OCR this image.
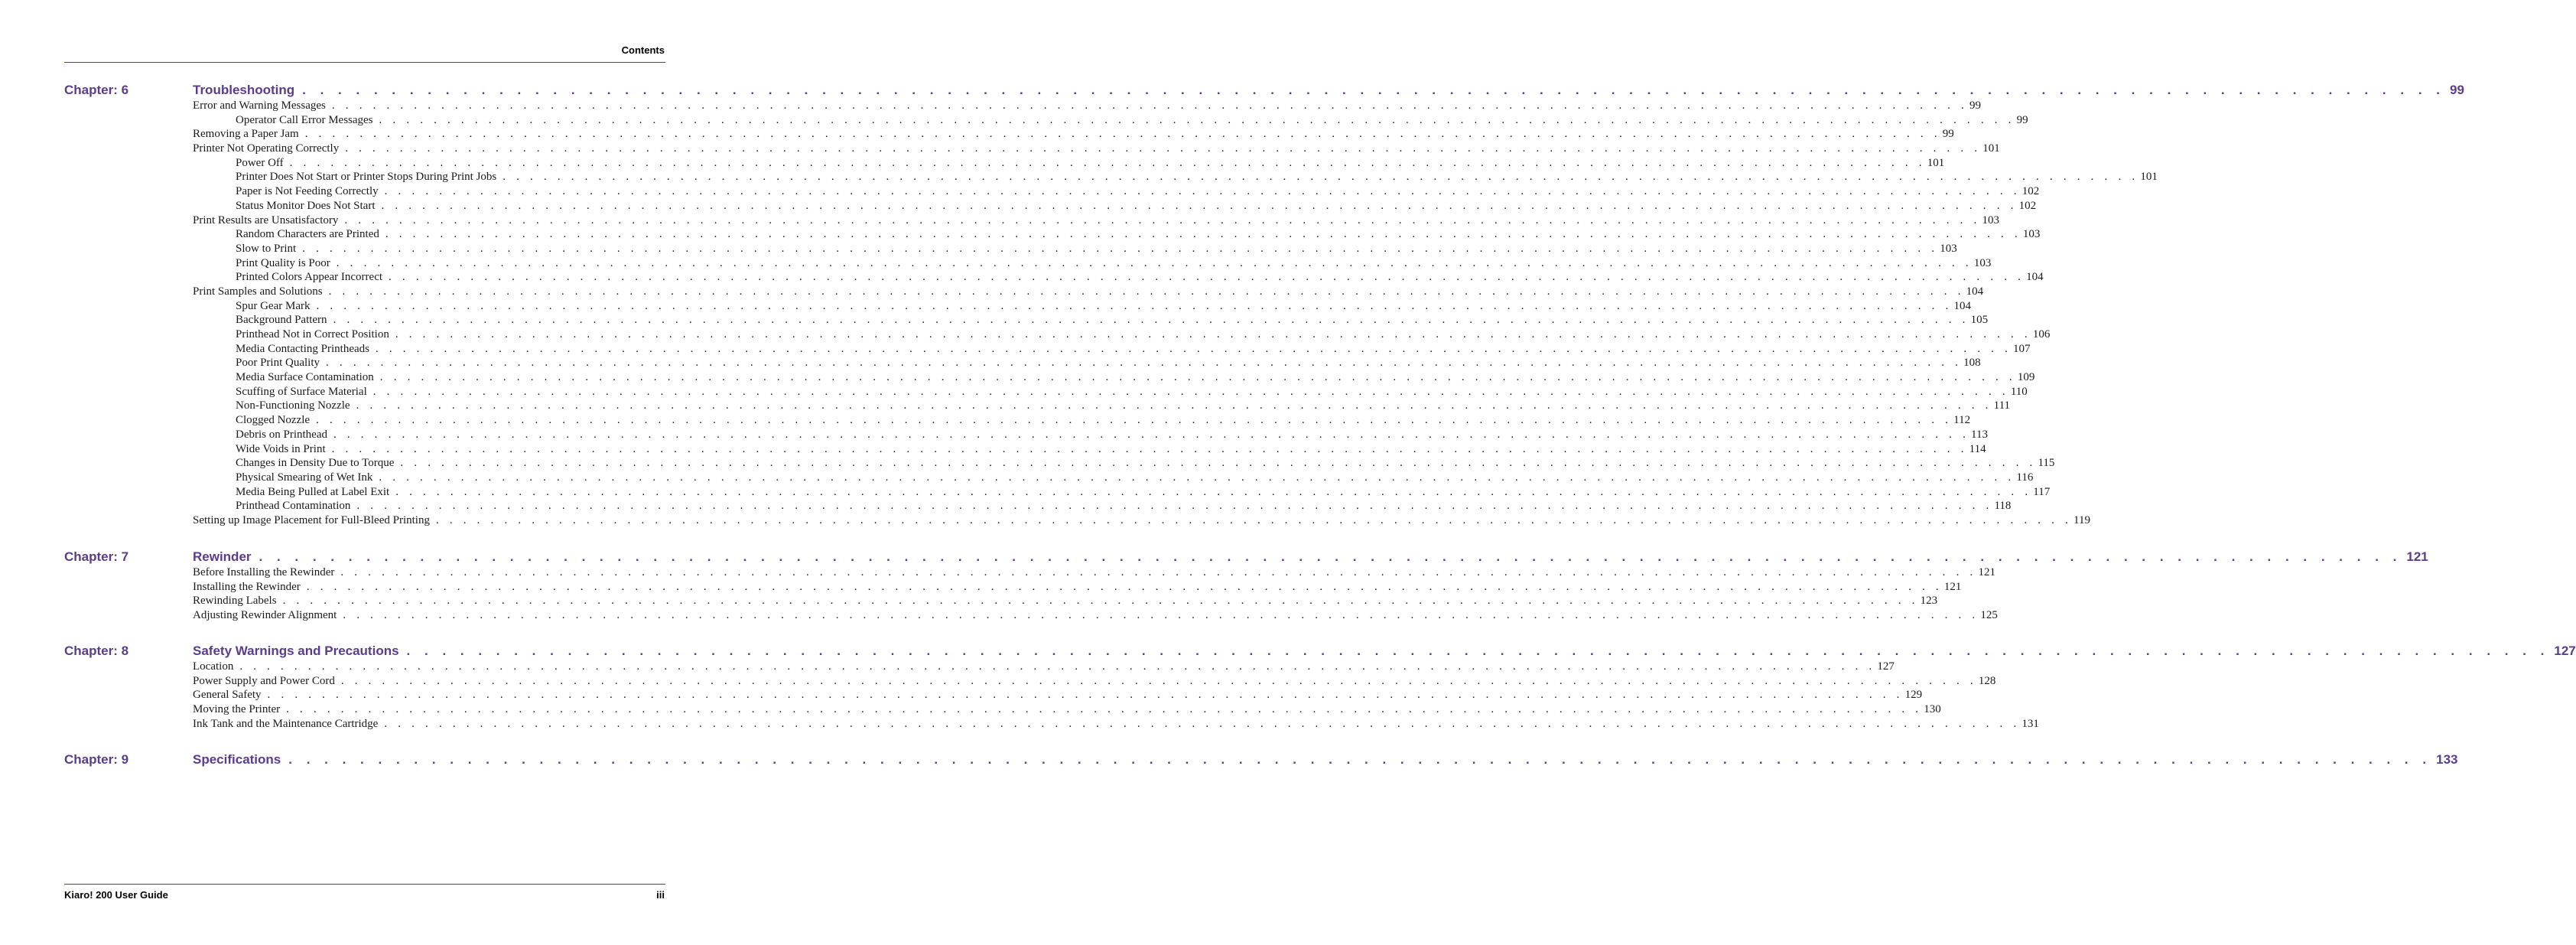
Contents
Chapter: 6	Troubleshooting . . . . . . . . . . . . . . . . . . . . . . . . . . . . . . . . . . . . . . . . . . . . . . . . . . . . . . . . . . . . . . . . . . . . . . . . . . . . . . . . . . . . . . . . . . . . . . . . . . . . . . . . . . . . . . . . . . . . . . . . 99
Error and Warning Messages . . . . . . . . . . . . . . . . . . . . . . . . . . . . . . . . . . . . . . . . . . . . . . . . . . . . . . . . . . . . . . . . . . . . . . . . . . . . . . . . . . . . . . . . . . . . . . . . . . . . . . . . . . . . . . . . . . . . . . . . 99
Operator Call Error Messages . . . . . . . . . . . . . . . . . . . . . . . . . . . . . . . . . . . . . . . . . . . . . . . . . . . . . . . . . . . . . . . . . . . . . . . . . . . . . . . . . . . . . . . . . . . . . . . . . . . . . . . . . . . . . . . . . . . . . . . . 99
Removing a Paper Jam . . . . . . . . . . . . . . . . . . . . . . . . . . . . . . . . . . . . . . . . . . . . . . . . . . . . . . . . . . . . . . . . . . . . . . . . . . . . . . . . . . . . . . . . . . . . . . . . . . . . . . . . . . . . . . . . . . . . . . . . 99
Printer Not Operating Correctly . . . . . . . . . . . . . . . . . . . . . . . . . . . . . . . . . . . . . . . . . . . . . . . . . . . . . . . . . . . . . . . . . . . . . . . . . . . . . . . . . . . . . . . . . . . . . . . . . . . . . . . . . . . . . . . . . . . . . . . . 101
Power Off . . . . . . . . . . . . . . . . . . . . . . . . . . . . . . . . . . . . . . . . . . . . . . . . . . . . . . . . . . . . . . . . . . . . . . . . . . . . . . . . . . . . . . . . . . . . . . . . . . . . . . . . . . . . . . . . . . . . . . . . 101
Printer Does Not Start or Printer Stops During Print Jobs . . . . . . . . . . . . . . . . . . . . . . . . . . . . . . . . . . . . . . . . . . . . . . . . . . . . . . . . . . . . . . . . . . . . . . . . . . . . . . . . . . . . . . . . . . . . . . . . . . . . . . . . . . . . . . . . . . . . . . . . 101
Paper is Not Feeding Correctly . . . . . . . . . . . . . . . . . . . . . . . . . . . . . . . . . . . . . . . . . . . . . . . . . . . . . . . . . . . . . . . . . . . . . . . . . . . . . . . . . . . . . . . . . . . . . . . . . . . . . . . . . . . . . . . . . . . . . . . . 102
Status Monitor Does Not Start . . . . . . . . . . . . . . . . . . . . . . . . . . . . . . . . . . . . . . . . . . . . . . . . . . . . . . . . . . . . . . . . . . . . . . . . . . . . . . . . . . . . . . . . . . . . . . . . . . . . . . . . . . . . . . . . . . . . . . . . 102
Print Results are Unsatisfactory . . . . . . . . . . . . . . . . . . . . . . . . . . . . . . . . . . . . . . . . . . . . . . . . . . . . . . . . . . . . . . . . . . . . . . . . . . . . . . . . . . . . . . . . . . . . . . . . . . . . . . . . . . . . . . . . . . . . . . . . 103
Random Characters are Printed . . . . . . . . . . . . . . . . . . . . . . . . . . . . . . . . . . . . . . . . . . . . . . . . . . . . . . . . . . . . . . . . . . . . . . . . . . . . . . . . . . . . . . . . . . . . . . . . . . . . . . . . . . . . . . . . . . . . . . . . 103
Slow to Print . . . . . . . . . . . . . . . . . . . . . . . . . . . . . . . . . . . . . . . . . . . . . . . . . . . . . . . . . . . . . . . . . . . . . . . . . . . . . . . . . . . . . . . . . . . . . . . . . . . . . . . . . . . . . . . . . . . . . . . . 103
Print Quality is Poor . . . . . . . . . . . . . . . . . . . . . . . . . . . . . . . . . . . . . . . . . . . . . . . . . . . . . . . . . . . . . . . . . . . . . . . . . . . . . . . . . . . . . . . . . . . . . . . . . . . . . . . . . . . . . . . . . . . . . . . . 103
Printed Colors Appear Incorrect . . . . . . . . . . . . . . . . . . . . . . . . . . . . . . . . . . . . . . . . . . . . . . . . . . . . . . . . . . . . . . . . . . . . . . . . . . . . . . . . . . . . . . . . . . . . . . . . . . . . . . . . . . . . . . . . . . . . . . . . 104
Print Samples and Solutions . . . . . . . . . . . . . . . . . . . . . . . . . . . . . . . . . . . . . . . . . . . . . . . . . . . . . . . . . . . . . . . . . . . . . . . . . . . . . . . . . . . . . . . . . . . . . . . . . . . . . . . . . . . . . . . . . . . . . . . . 104
Spur Gear Mark . . . . . . . . . . . . . . . . . . . . . . . . . . . . . . . . . . . . . . . . . . . . . . . . . . . . . . . . . . . . . . . . . . . . . . . . . . . . . . . . . . . . . . . . . . . . . . . . . . . . . . . . . . . . . . . . . . . . . . . . 104
Background Pattern . . . . . . . . . . . . . . . . . . . . . . . . . . . . . . . . . . . . . . . . . . . . . . . . . . . . . . . . . . . . . . . . . . . . . . . . . . . . . . . . . . . . . . . . . . . . . . . . . . . . . . . . . . . . . . . . . . . . . . . . 105
Printhead Not in Correct Position . . . . . . . . . . . . . . . . . . . . . . . . . . . . . . . . . . . . . . . . . . . . . . . . . . . . . . . . . . . . . . . . . . . . . . . . . . . . . . . . . . . . . . . . . . . . . . . . . . . . . . . . . . . . . . . . . . . . . . . . 106
Media Contacting Printheads . . . . . . . . . . . . . . . . . . . . . . . . . . . . . . . . . . . . . . . . . . . . . . . . . . . . . . . . . . . . . . . . . . . . . . . . . . . . . . . . . . . . . . . . . . . . . . . . . . . . . . . . . . . . . . . . . . . . . . . . 107
Poor Print Quality . . . . . . . . . . . . . . . . . . . . . . . . . . . . . . . . . . . . . . . . . . . . . . . . . . . . . . . . . . . . . . . . . . . . . . . . . . . . . . . . . . . . . . . . . . . . . . . . . . . . . . . . . . . . . . . . . . . . . . . . 108
Media Surface Contamination . . . . . . . . . . . . . . . . . . . . . . . . . . . . . . . . . . . . . . . . . . . . . . . . . . . . . . . . . . . . . . . . . . . . . . . . . . . . . . . . . . . . . . . . . . . . . . . . . . . . . . . . . . . . . . . . . . . . . . . . 109
Scuffing of Surface Material . . . . . . . . . . . . . . . . . . . . . . . . . . . . . . . . . . . . . . . . . . . . . . . . . . . . . . . . . . . . . . . . . . . . . . . . . . . . . . . . . . . . . . . . . . . . . . . . . . . . . . . . . . . . . . . . . . . . . . . . 110
Non-Functioning Nozzle . . . . . . . . . . . . . . . . . . . . . . . . . . . . . . . . . . . . . . . . . . . . . . . . . . . . . . . . . . . . . . . . . . . . . . . . . . . . . . . . . . . . . . . . . . . . . . . . . . . . . . . . . . . . . . . . . . . . . . . . 111
Clogged Nozzle . . . . . . . . . . . . . . . . . . . . . . . . . . . . . . . . . . . . . . . . . . . . . . . . . . . . . . . . . . . . . . . . . . . . . . . . . . . . . . . . . . . . . . . . . . . . . . . . . . . . . . . . . . . . . . . . . . . . . . . . 112
Debris on Printhead . . . . . . . . . . . . . . . . . . . . . . . . . . . . . . . . . . . . . . . . . . . . . . . . . . . . . . . . . . . . . . . . . . . . . . . . . . . . . . . . . . . . . . . . . . . . . . . . . . . . . . . . . . . . . . . . . . . . . . . . 113
Wide Voids in Print . . . . . . . . . . . . . . . . . . . . . . . . . . . . . . . . . . . . . . . . . . . . . . . . . . . . . . . . . . . . . . . . . . . . . . . . . . . . . . . . . . . . . . . . . . . . . . . . . . . . . . . . . . . . . . . . . . . . . . . . 114
Changes in Density Due to Torque . . . . . . . . . . . . . . . . . . . . . . . . . . . . . . . . . . . . . . . . . . . . . . . . . . . . . . . . . . . . . . . . . . . . . . . . . . . . . . . . . . . . . . . . . . . . . . . . . . . . . . . . . . . . . . . . . . . . . . . . 115
Physical Smearing of Wet Ink . . . . . . . . . . . . . . . . . . . . . . . . . . . . . . . . . . . . . . . . . . . . . . . . . . . . . . . . . . . . . . . . . . . . . . . . . . . . . . . . . . . . . . . . . . . . . . . . . . . . . . . . . . . . . . . . . . . . . . . . 116
Media Being Pulled at Label Exit . . . . . . . . . . . . . . . . . . . . . . . . . . . . . . . . . . . . . . . . . . . . . . . . . . . . . . . . . . . . . . . . . . . . . . . . . . . . . . . . . . . . . . . . . . . . . . . . . . . . . . . . . . . . . . . . . . . . . . . . 117
Printhead Contamination . . . . . . . . . . . . . . . . . . . . . . . . . . . . . . . . . . . . . . . . . . . . . . . . . . . . . . . . . . . . . . . . . . . . . . . . . . . . . . . . . . . . . . . . . . . . . . . . . . . . . . . . . . . . . . . . . . . . . . . . 118
Setting up Image Placement for Full-Bleed Printing . . . . . . . . . . . . . . . . . . . . . . . . . . . . . . . . . . . . . . . . . . . . . . . . . . . . . . . . . . . . . . . . . . . . . . . . . . . . . . . . . . . . . . . . . . . . . . . . . . . . . . . . . . . . . . . . . . . . . . . . 119
Chapter: 7	Rewinder . . . . . . . . . . . . . . . . . . . . . . . . . . . . . . . . . . . . . . . . . . . . . . . . . . . . . . . . . . . . . . . . . . . . . . . . . . . . . . . . . . . . . . . . . . . . . . . . . . . . . . . . . . . . . . . . . . . . . . . . 121
Before Installing the Rewinder . . . . . . . . . . . . . . . . . . . . . . . . . . . . . . . . . . . . . . . . . . . . . . . . . . . . . . . . . . . . . . . . . . . . . . . . . . . . . . . . . . . . . . . . . . . . . . . . . . . . . . . . . . . . . . . . . . . . . . . . 121
Installing the Rewinder . . . . . . . . . . . . . . . . . . . . . . . . . . . . . . . . . . . . . . . . . . . . . . . . . . . . . . . . . . . . . . . . . . . . . . . . . . . . . . . . . . . . . . . . . . . . . . . . . . . . . . . . . . . . . . . . . . . . . . . . 121
Rewinding Labels . . . . . . . . . . . . . . . . . . . . . . . . . . . . . . . . . . . . . . . . . . . . . . . . . . . . . . . . . . . . . . . . . . . . . . . . . . . . . . . . . . . . . . . . . . . . . . . . . . . . . . . . . . . . . . . . . . . . . . . . 123
Adjusting Rewinder Alignment . . . . . . . . . . . . . . . . . . . . . . . . . . . . . . . . . . . . . . . . . . . . . . . . . . . . . . . . . . . . . . . . . . . . . . . . . . . . . . . . . . . . . . . . . . . . . . . . . . . . . . . . . . . . . . . . . . . . . . . . 125
Chapter: 8	Safety Warnings and Precautions . . . . . . . . . . . . . . . . . . . . . . . . . . . . . . . . . . . . . . . . . . . . . . . . . . . . . . . . . . . . . . . . . . . . . . . . . . . . . . . . . . . . . . . . . . . . . . . . . . . . . . . . . . . . . . . . . . . . . . . . 127
Location . . . . . . . . . . . . . . . . . . . . . . . . . . . . . . . . . . . . . . . . . . . . . . . . . . . . . . . . . . . . . . . . . . . . . . . . . . . . . . . . . . . . . . . . . . . . . . . . . . . . . . . . . . . . . . . . . . . . . . . . 127
Power Supply and Power Cord . . . . . . . . . . . . . . . . . . . . . . . . . . . . . . . . . . . . . . . . . . . . . . . . . . . . . . . . . . . . . . . . . . . . . . . . . . . . . . . . . . . . . . . . . . . . . . . . . . . . . . . . . . . . . . . . . . . . . . . . 128
General Safety . . . . . . . . . . . . . . . . . . . . . . . . . . . . . . . . . . . . . . . . . . . . . . . . . . . . . . . . . . . . . . . . . . . . . . . . . . . . . . . . . . . . . . . . . . . . . . . . . . . . . . . . . . . . . . . . . . . . . . . . 129
Moving the Printer . . . . . . . . . . . . . . . . . . . . . . . . . . . . . . . . . . . . . . . . . . . . . . . . . . . . . . . . . . . . . . . . . . . . . . . . . . . . . . . . . . . . . . . . . . . . . . . . . . . . . . . . . . . . . . . . . . . . . . . . 130
Ink Tank and the Maintenance Cartridge . . . . . . . . . . . . . . . . . . . . . . . . . . . . . . . . . . . . . . . . . . . . . . . . . . . . . . . . . . . . . . . . . . . . . . . . . . . . . . . . . . . . . . . . . . . . . . . . . . . . . . . . . . . . . . . . . . . . . . . . 131
Chapter: 9	Specifications . . . . . . . . . . . . . . . . . . . . . . . . . . . . . . . . . . . . . . . . . . . . . . . . . . . . . . . . . . . . . . . . . . . . . . . . . . . . . . . . . . . . . . . . . . . . . . . . . . . . . . . . . . . . . . . . . . . . . . . . 133
Kiaro! 200 User Guide	iii
